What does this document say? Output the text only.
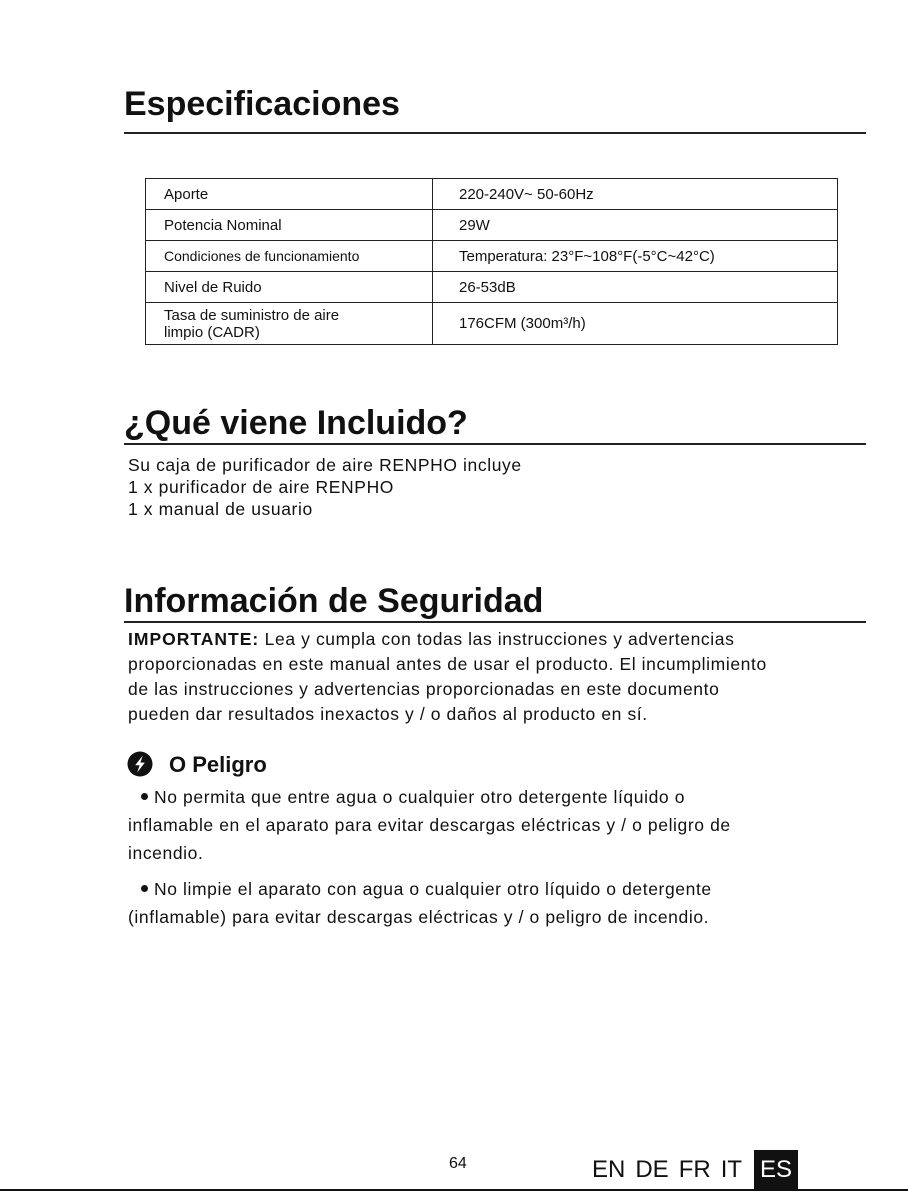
Especificaciones
Aporte	220-240V~ 50-60Hz
Potencia Nominal	29W
Condiciones de funcionamiento	Temperatura: 23°F~108°F(-5°C~42°C)
Nivel de Ruido	26-53dB

Tasa de suministro de aire
limpio (CADR)	176CFM (300m³/h)
¿Qué viene Incluido?
Su caja de purificador de aire RENPHO incluye
1 x purificador de aire RENPHO
1 x manual de usuario
Información de Seguridad
IMPORTANTE: Lea y cumpla con todas las instrucciones y advertencias
proporcionadas en este manual antes de usar el producto. El incumplimiento
de las instrucciones y advertencias proporcionadas en este documento
pueden dar resultados inexactos y / o daños al producto en sí.
O Peligro
No permita que entre agua o cualquier otro detergente líquido o
inflamable en el aparato para evitar descargas eléctricas y / o peligro de
incendio.
No limpie el aparato con agua o cualquier otro líquido o detergente
(inflamable) para evitar descargas eléctricas y / o peligro de incendio.
64	EN DE FR IT ES
